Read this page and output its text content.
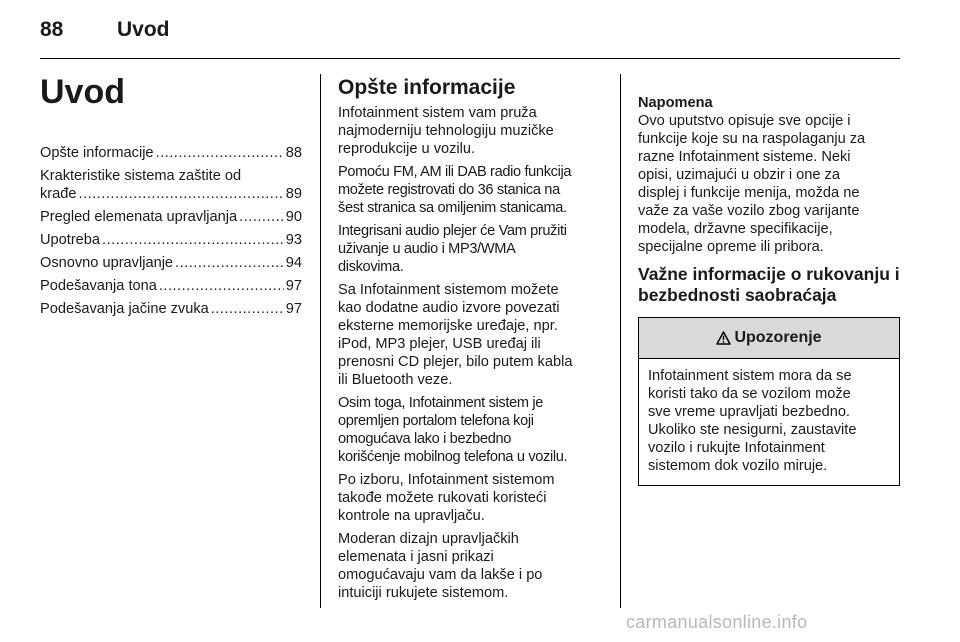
88	Uvod
Uvod
Opšte informacije .....	88
Krakteristike sistema zaštite od
krađe .....	89
Pregled elemenata upravljanja .....	90
Upotreba .....	93
Osnovno upravljanje .....	94
Podešavanja tona .....	97
Podešavanja jačine zvuka .....	97
Opšte informacije

Infotainment sistem vam pruža
najmoderniju tehnologiju muzičke
reprodukcije u vozilu.

Pomoću FM, AM ili DAB radio funkcija
možete registrovati do 36 stanica na
šest stranica sa omiljenim stanicama.

Integrisani audio plejer će Vam pružiti
uživanje u audio i MP3/WMA
diskovima.

Sa Infotainment sistemom možete
kao dodatne audio izvore povezati
eksterne memorijske uređaje, npr.
iPod, MP3 plejer, USB uređaj ili
prenosni CD plejer, bilo putem kabla
ili Bluetooth veze.

Osim toga, Infotainment sistem je
opremljen portalom telefona koji
omogućava lako i bezbedno
korišćenje mobilnog telefona u vozilu.

Po izboru, Infotainment sistemom
takođe možete rukovati koristeći
kontrole na upravljaču.

Moderan dizajn upravljačkih
elemenata i jasni prikazi
omogućavaju vam da lakše i po
intuiciji rukujete sistemom.

Napomena
Ovo uputstvo opisuje sve opcije i
funkcije koje su na raspolaganju za
razne Infotainment sisteme. Neki
opisi, uzimajući u obzir i one za
displej i funkcije menija, možda ne
važe za vaše vozilo zbog varijante
modela, državne specifikacije,
specijalne opreme ili pribora.
Važne informacije o rukovanju i
bezbednosti saobraćaja
Upozorenje
Infotainment sistem mora da se
koristi tako da se vozilom može
sve vreme upravljati bezbedno.
Ukoliko ste nesigurni, zaustavite
vozilo i rukujte Infotainment
sistemom dok vozilo miruje.
carmanualsonline.info
